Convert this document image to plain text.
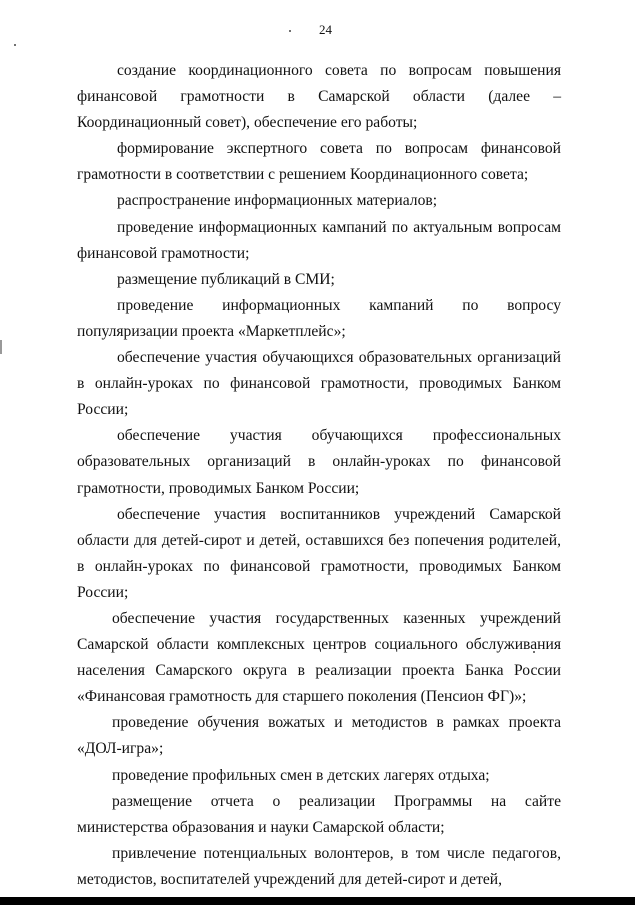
24

создание координационного совета по вопросам повышения финансовой грамотности в Самарской области (далее – Координационный совет), обеспечение его работы;

формирование экспертного совета по вопросам финансовой грамотности в соответствии с решением Координационного совета;

распространение информационных материалов;

проведение информационных кампаний по актуальным вопросам финансовой грамотности;

размещение публикаций в СМИ;

проведение информационных кампаний по вопросу популяризации проекта «Маркетплейс»;

обеспечение участия обучающихся образовательных организаций в онлайн-уроках по финансовой грамотности, проводимых Банком России;

обеспечение участия обучающихся профессиональных образовательных организаций в онлайн-уроках по финансовой грамотности, проводимых Банком России;

обеспечение участия воспитанников учреждений Самарской области для детей-сирот и детей, оставшихся без попечения родителей, в онлайн-уроках по финансовой грамотности, проводимых Банком России;

обеспечение участия государственных казенных учреждений Самарской области комплексных центров социального обслуживания населения Самарского округа в реализации проекта Банка России «Финансовая грамотность для старшего поколения (Пенсион ФГ)»;

проведение обучения вожатых и методистов в рамках проекта «ДОЛ-игра»;

проведение профильных смен в детских лагерях отдыха;

размещение отчета о реализации Программы на сайте министерства образования и науки Самарской области;

привлечение потенциальных волонтеров, в том числе педагогов, методистов, воспитателей учреждений для детей-сирот и детей,
